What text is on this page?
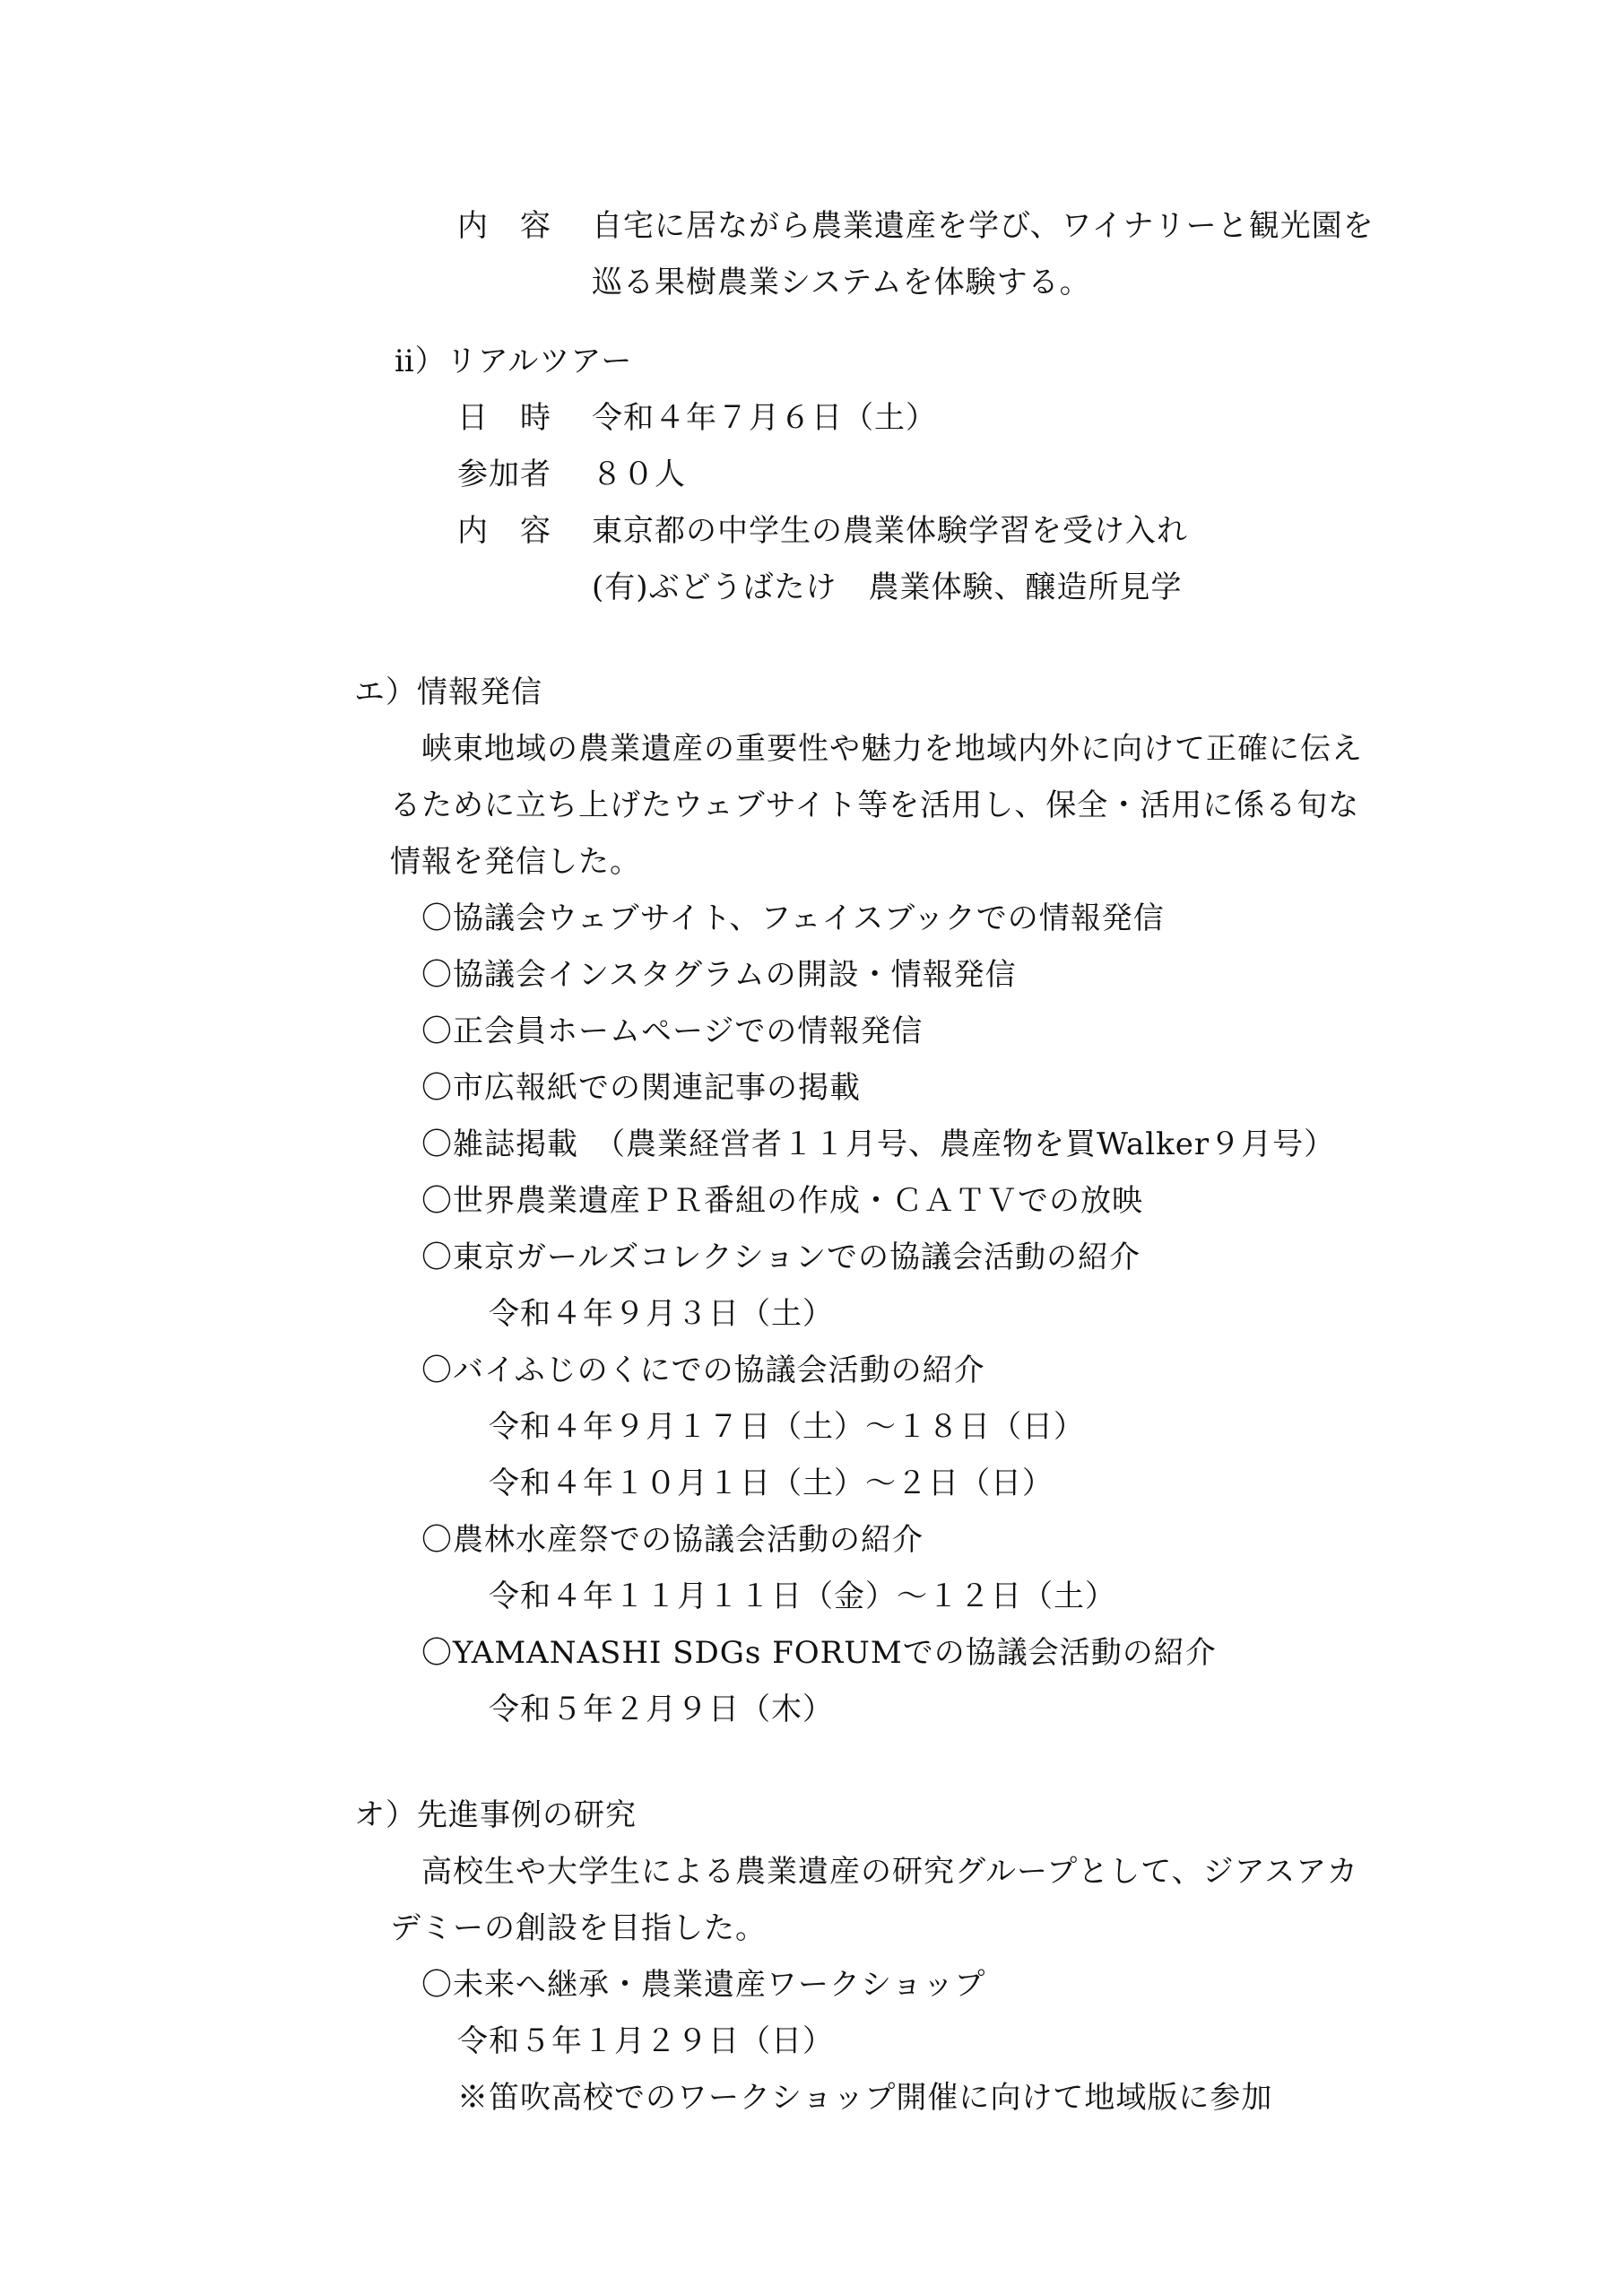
内　容 自宅に居ながら農業遺産を学び、ワイナリーと観光園を
巡る果樹農業システムを体験する。
ⅱ）リアルツアー
日　時 令和４年７月６日（土）
参加者 ８０人
内　容 東京都の中学生の農業体験学習を受け入れ
(有)ぶどうばたけ　農業体験、醸造所見学
エ）情報発信
峡東地域の農業遺産の重要性や魅力を地域内外に向けて正確に伝え
るために立ち上げたウェブサイト等を活用し、保全・活用に係る旬な
情報を発信した。
〇協議会ウェブサイト、フェイスブックでの情報発信
〇協議会インスタグラムの開設・情報発信
〇正会員ホームページでの情報発信
〇市広報紙での関連記事の掲載
〇雑誌掲載　（農業経営者１１月号、農産物を買Walker９月号）
〇世界農業遺産ＰＲ番組の作成・ＣＡＴＶでの放映
〇東京ガールズコレクションでの協議会活動の紹介
令和４年９月３日（土）
〇バイふじのくにでの協議会活動の紹介
令和４年９月１７日（土）～１８日（日）
令和４年１０月１日（土）～２日（日）
〇農林水産祭での協議会活動の紹介
令和４年１１月１１日（金）～１２日（土）
〇YAMANASHI SDGs FORUMでの協議会活動の紹介
令和５年２月９日（木）
オ）先進事例の研究
高校生や大学生による農業遺産の研究グループとして、ジアスアカ
デミーの創設を目指した。
〇未来へ継承・農業遺産ワークショップ
令和５年１月２９日（日）
※笛吹高校でのワークショップ開催に向けて地域版に参加
